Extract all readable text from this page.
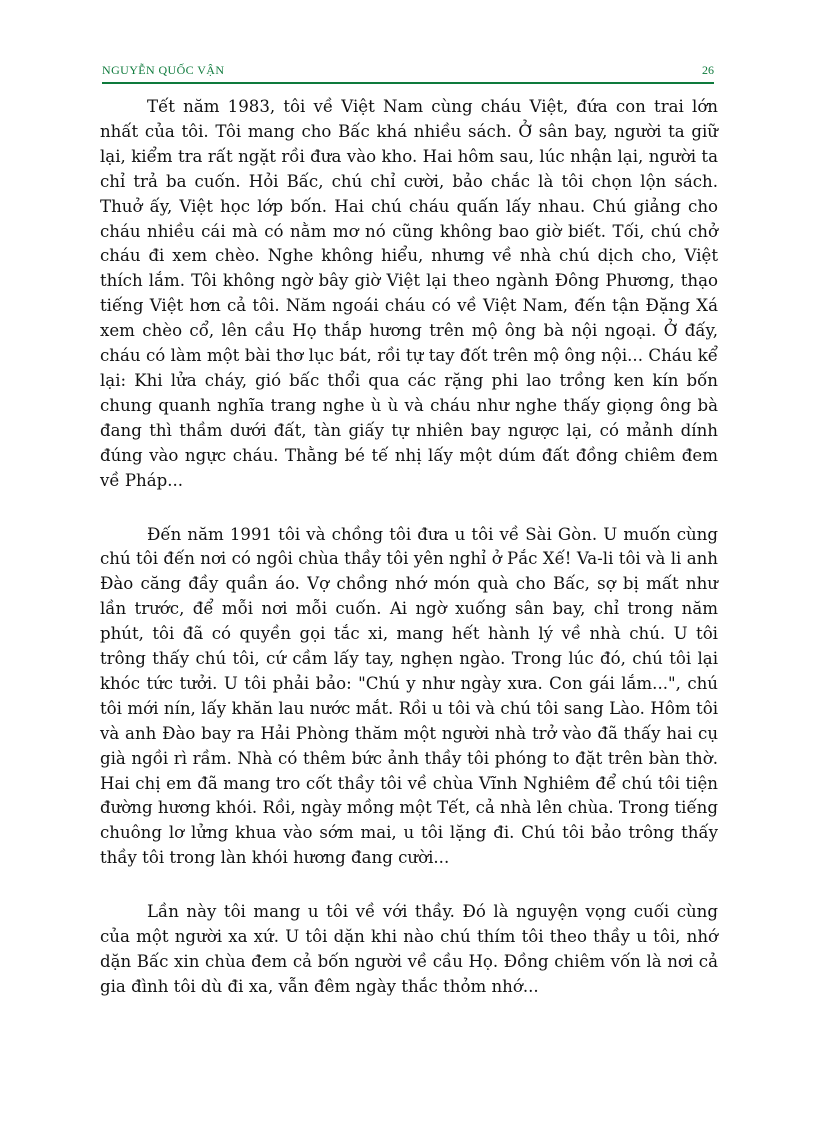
NGUYỄN QUỐC VẬN	26

Tết năm 1983, tôi về Việt Nam cùng cháu Việt, đứa con trai lớn nhất của tôi. Tôi mang cho Bấc khá nhiều sách. Ở sân bay, người ta giữ lại, kiểm tra rất ngặt rồi đưa vào kho. Hai hôm sau, lúc nhận lại, người ta chỉ trả ba cuốn. Hỏi Bấc, chú chỉ cười, bảo chắc là tôi chọn lộn sách. Thuở ấy, Việt học lớp bốn. Hai chú cháu quấn lấy nhau. Chú giảng cho cháu nhiều cái mà có nằm mơ nó cũng không bao giờ biết. Tối, chú chở cháu đi xem chèo. Nghe không hiểu, nhưng về nhà chú dịch cho, Việt thích lắm. Tôi không ngờ bây giờ Việt lại theo ngành Đông Phương, thạo tiếng Việt hơn cả tôi. Năm ngoái cháu có về Việt Nam, đến tận Đặng Xá xem chèo cổ, lên cầu Họ thắp hương trên mộ ông bà nội ngoại. Ở đấy, cháu có làm một bài thơ lục bát, rồi tự tay đốt trên mộ ông nội... Cháu kể lại: Khi lửa cháy, gió bấc thổi qua các rặng phi lao trồng ken kín bốn chung quanh nghĩa trang nghe ù ù và cháu như nghe thấy giọng ông bà đang thì thầm dưới đất, tàn giấy tự nhiên bay ngược lại, có mảnh dính đúng vào ngực cháu. Thằng bé tế nhị lấy một dúm đất đồng chiêm đem về Pháp...

Đến năm 1991 tôi và chồng tôi đưa u tôi về Sài Gòn. U muốn cùng chú tôi đến nơi có ngôi chùa thầy tôi yên nghỉ ở Pắc Xế! Va-li tôi và li anh Đào căng đầy quần áo. Vợ chồng nhớ món quà cho Bấc, sợ bị mất như lần trước, để mỗi nơi mỗi cuốn. Ai ngờ xuống sân bay, chỉ trong năm phút, tôi đã có quyền gọi tắc xi, mang hết hành lý về nhà chú. U tôi trông thấy chú tôi, cứ cầm lấy tay, nghẹn ngào. Trong lúc đó, chú tôi lại khóc tức tưởi. U tôi phải bảo: "Chú y như ngày xưa. Con gái lắm...", chú tôi mới nín, lấy khăn lau nước mắt. Rồi u tôi và chú tôi sang Lào. Hôm tôi và anh Đào bay ra Hải Phòng thăm một người nhà trở vào đã thấy hai cụ già ngồi rì rầm. Nhà có thêm bức ảnh thầy tôi phóng to đặt trên bàn thờ. Hai chị em đã mang tro cốt thầy tôi về chùa Vĩnh Nghiêm để chú tôi tiện đường hương khói. Rồi, ngày mồng một Tết, cả nhà lên chùa. Trong tiếng chuông lơ lửng khua vào sớm mai, u tôi lặng đi. Chú tôi bảo trông thấy thầy tôi trong làn khói hương đang cười...

Lần này tôi mang u tôi về với thầy. Đó là nguyện vọng cuối cùng của một người xa xứ. U tôi dặn khi nào chú thím tôi theo thầy u tôi, nhớ dặn Bấc xin chùa đem cả bốn người về cầu Họ. Đồng chiêm vốn là nơi cả gia đình tôi dù đi xa, vẫn đêm ngày thắc thỏm nhớ...
